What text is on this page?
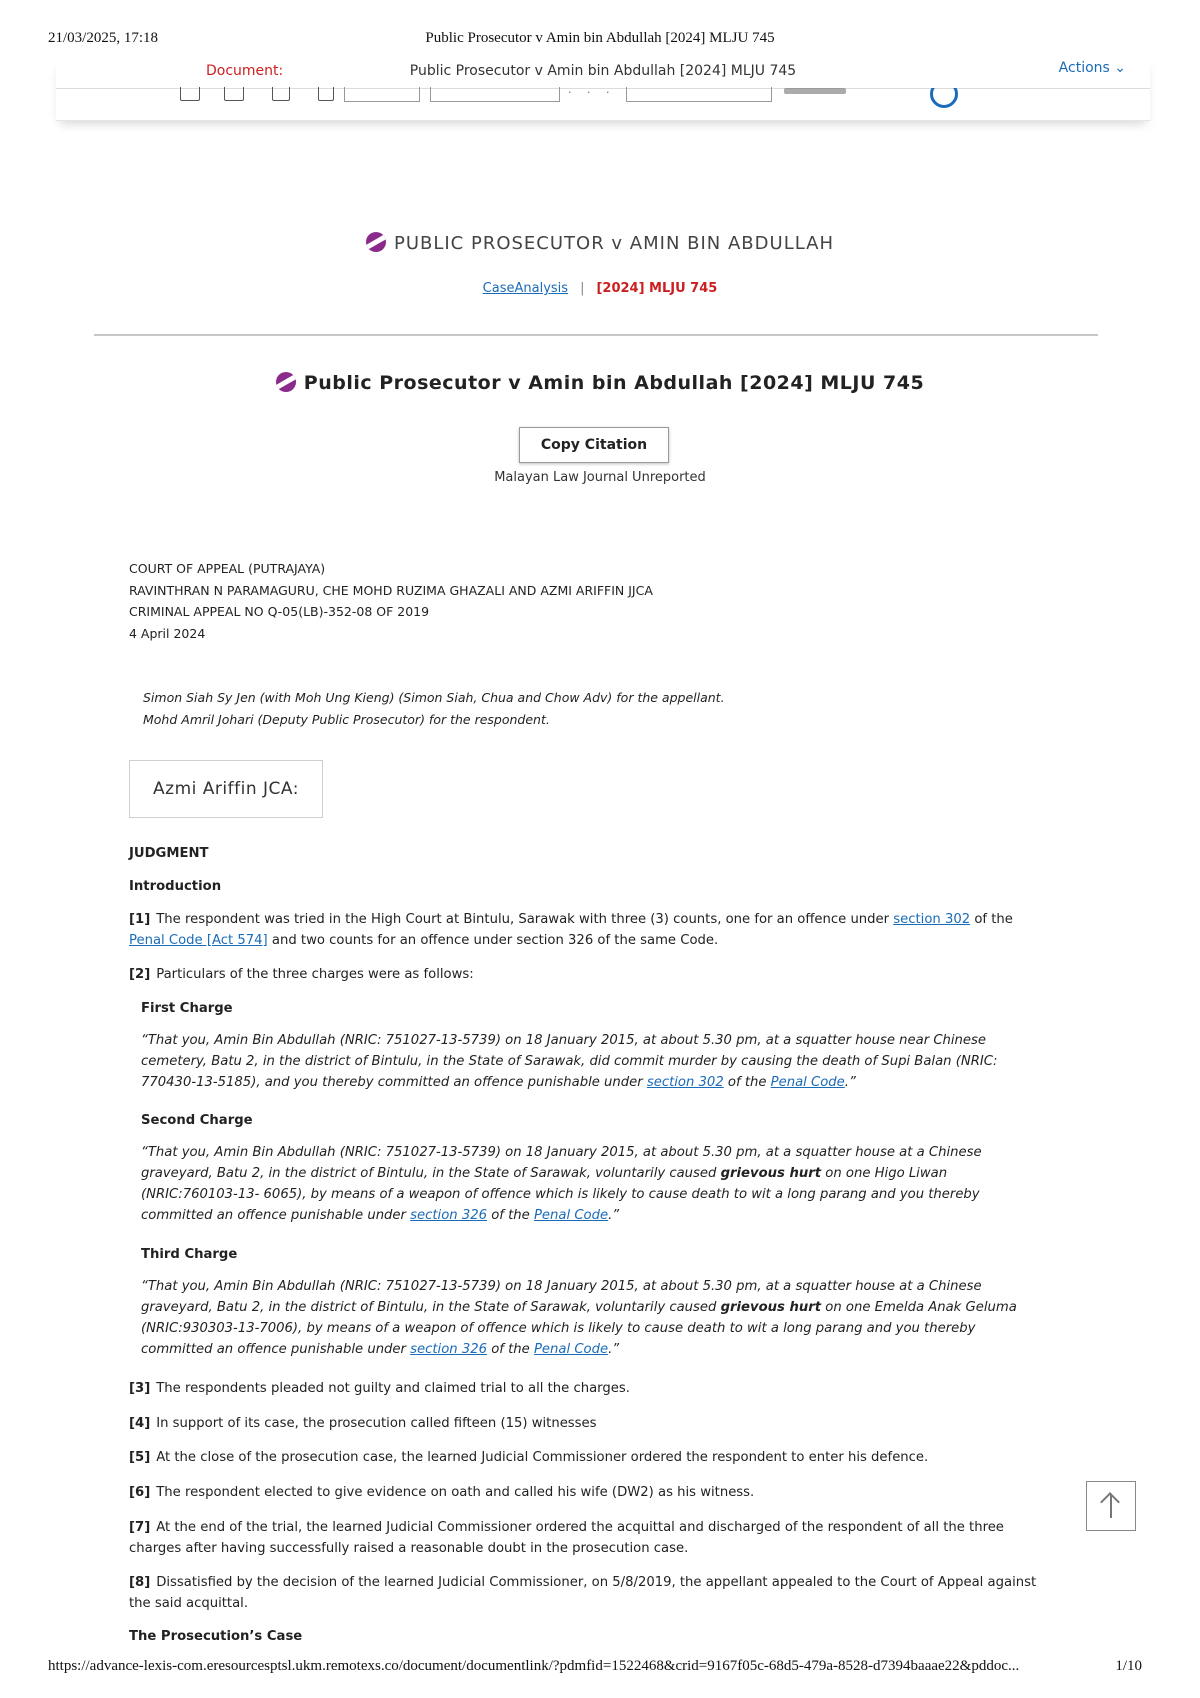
21/03/2025, 17:18	Public Prosecutor v Amin bin Abdullah [2024] MLJU 745
Document:	Public Prosecutor v Amin bin Abdullah [2024] MLJU 745	Actions ⌄
· · ·
PUBLIC PROSECUTOR v AMIN BIN ABDULLAH
CaseAnalysis | [2024] MLJU 745
Public Prosecutor v Amin bin Abdullah [2024] MLJU 745
Copy Citation
Malayan Law Journal Unreported
COURT OF APPEAL (PUTRAJAYA)
RAVINTHRAN N PARAMAGURU, CHE MOHD RUZIMA GHAZALI AND AZMI ARIFFIN JJCA
CRIMINAL APPEAL NO Q-05(LB)-352-08 OF 2019
4 April 2024
Simon Siah Sy Jen (with Moh Ung Kieng) (Simon Siah, Chua and Chow Adv) for the appellant.
Mohd Amril Johari (Deputy Public Prosecutor) for the respondent.
Azmi Ariffin JCA:
JUDGMENT
Introduction
[1] The respondent was tried in the High Court at Bintulu, Sarawak with three (3) counts, one for an offence under section 302 of the Penal Code [Act 574] and two counts for an offence under section 326 of the same Code.
[2] Particulars of the three charges were as follows:
First Charge
“That you, Amin Bin Abdullah (NRIC: 751027-13-5739) on 18 January 2015, at about 5.30 pm, at a squatter house near Chinese cemetery, Batu 2, in the district of Bintulu, in the State of Sarawak, did commit murder by causing the death of Supi Balan (NRIC: 770430-13-5185), and you thereby committed an offence punishable under section 302 of the Penal Code.”
Second Charge
“That you, Amin Bin Abdullah (NRIC: 751027-13-5739) on 18 January 2015, at about 5.30 pm, at a squatter house at a Chinese graveyard, Batu 2, in the district of Bintulu, in the State of Sarawak, voluntarily caused grievous hurt on one Higo Liwan (NRIC:760103-13- 6065), by means of a weapon of offence which is likely to cause death to wit a long parang and you thereby committed an offence punishable under section 326 of the Penal Code.”
Third Charge
“That you, Amin Bin Abdullah (NRIC: 751027-13-5739) on 18 January 2015, at about 5.30 pm, at a squatter house at a Chinese graveyard, Batu 2, in the district of Bintulu, in the State of Sarawak, voluntarily caused grievous hurt on one Emelda Anak Geluma (NRIC:930303-13-7006), by means of a weapon of offence which is likely to cause death to wit a long parang and you thereby committed an offence punishable under section 326 of the Penal Code.”
[3] The respondents pleaded not guilty and claimed trial to all the charges.
[4] In support of its case, the prosecution called fifteen (15) witnesses
[5] At the close of the prosecution case, the learned Judicial Commissioner ordered the respondent to enter his defence.
[6] The respondent elected to give evidence on oath and called his wife (DW2) as his witness.
[7] At the end of the trial, the learned Judicial Commissioner ordered the acquittal and discharged of the respondent of all the three charges after having successfully raised a reasonable doubt in the prosecution case.
[8] Dissatisfied by the decision of the learned Judicial Commissioner, on 5/8/2019, the appellant appealed to the Court of Appeal against the said acquittal.
The Prosecution’s Case
https://advance-lexis-com.eresourcesptsl.ukm.remotexs.co/document/documentlink/?pdmfid=1522468&crid=9167f05c-68d5-479a-8528-d7394baaae22&pddoc...	1/10
